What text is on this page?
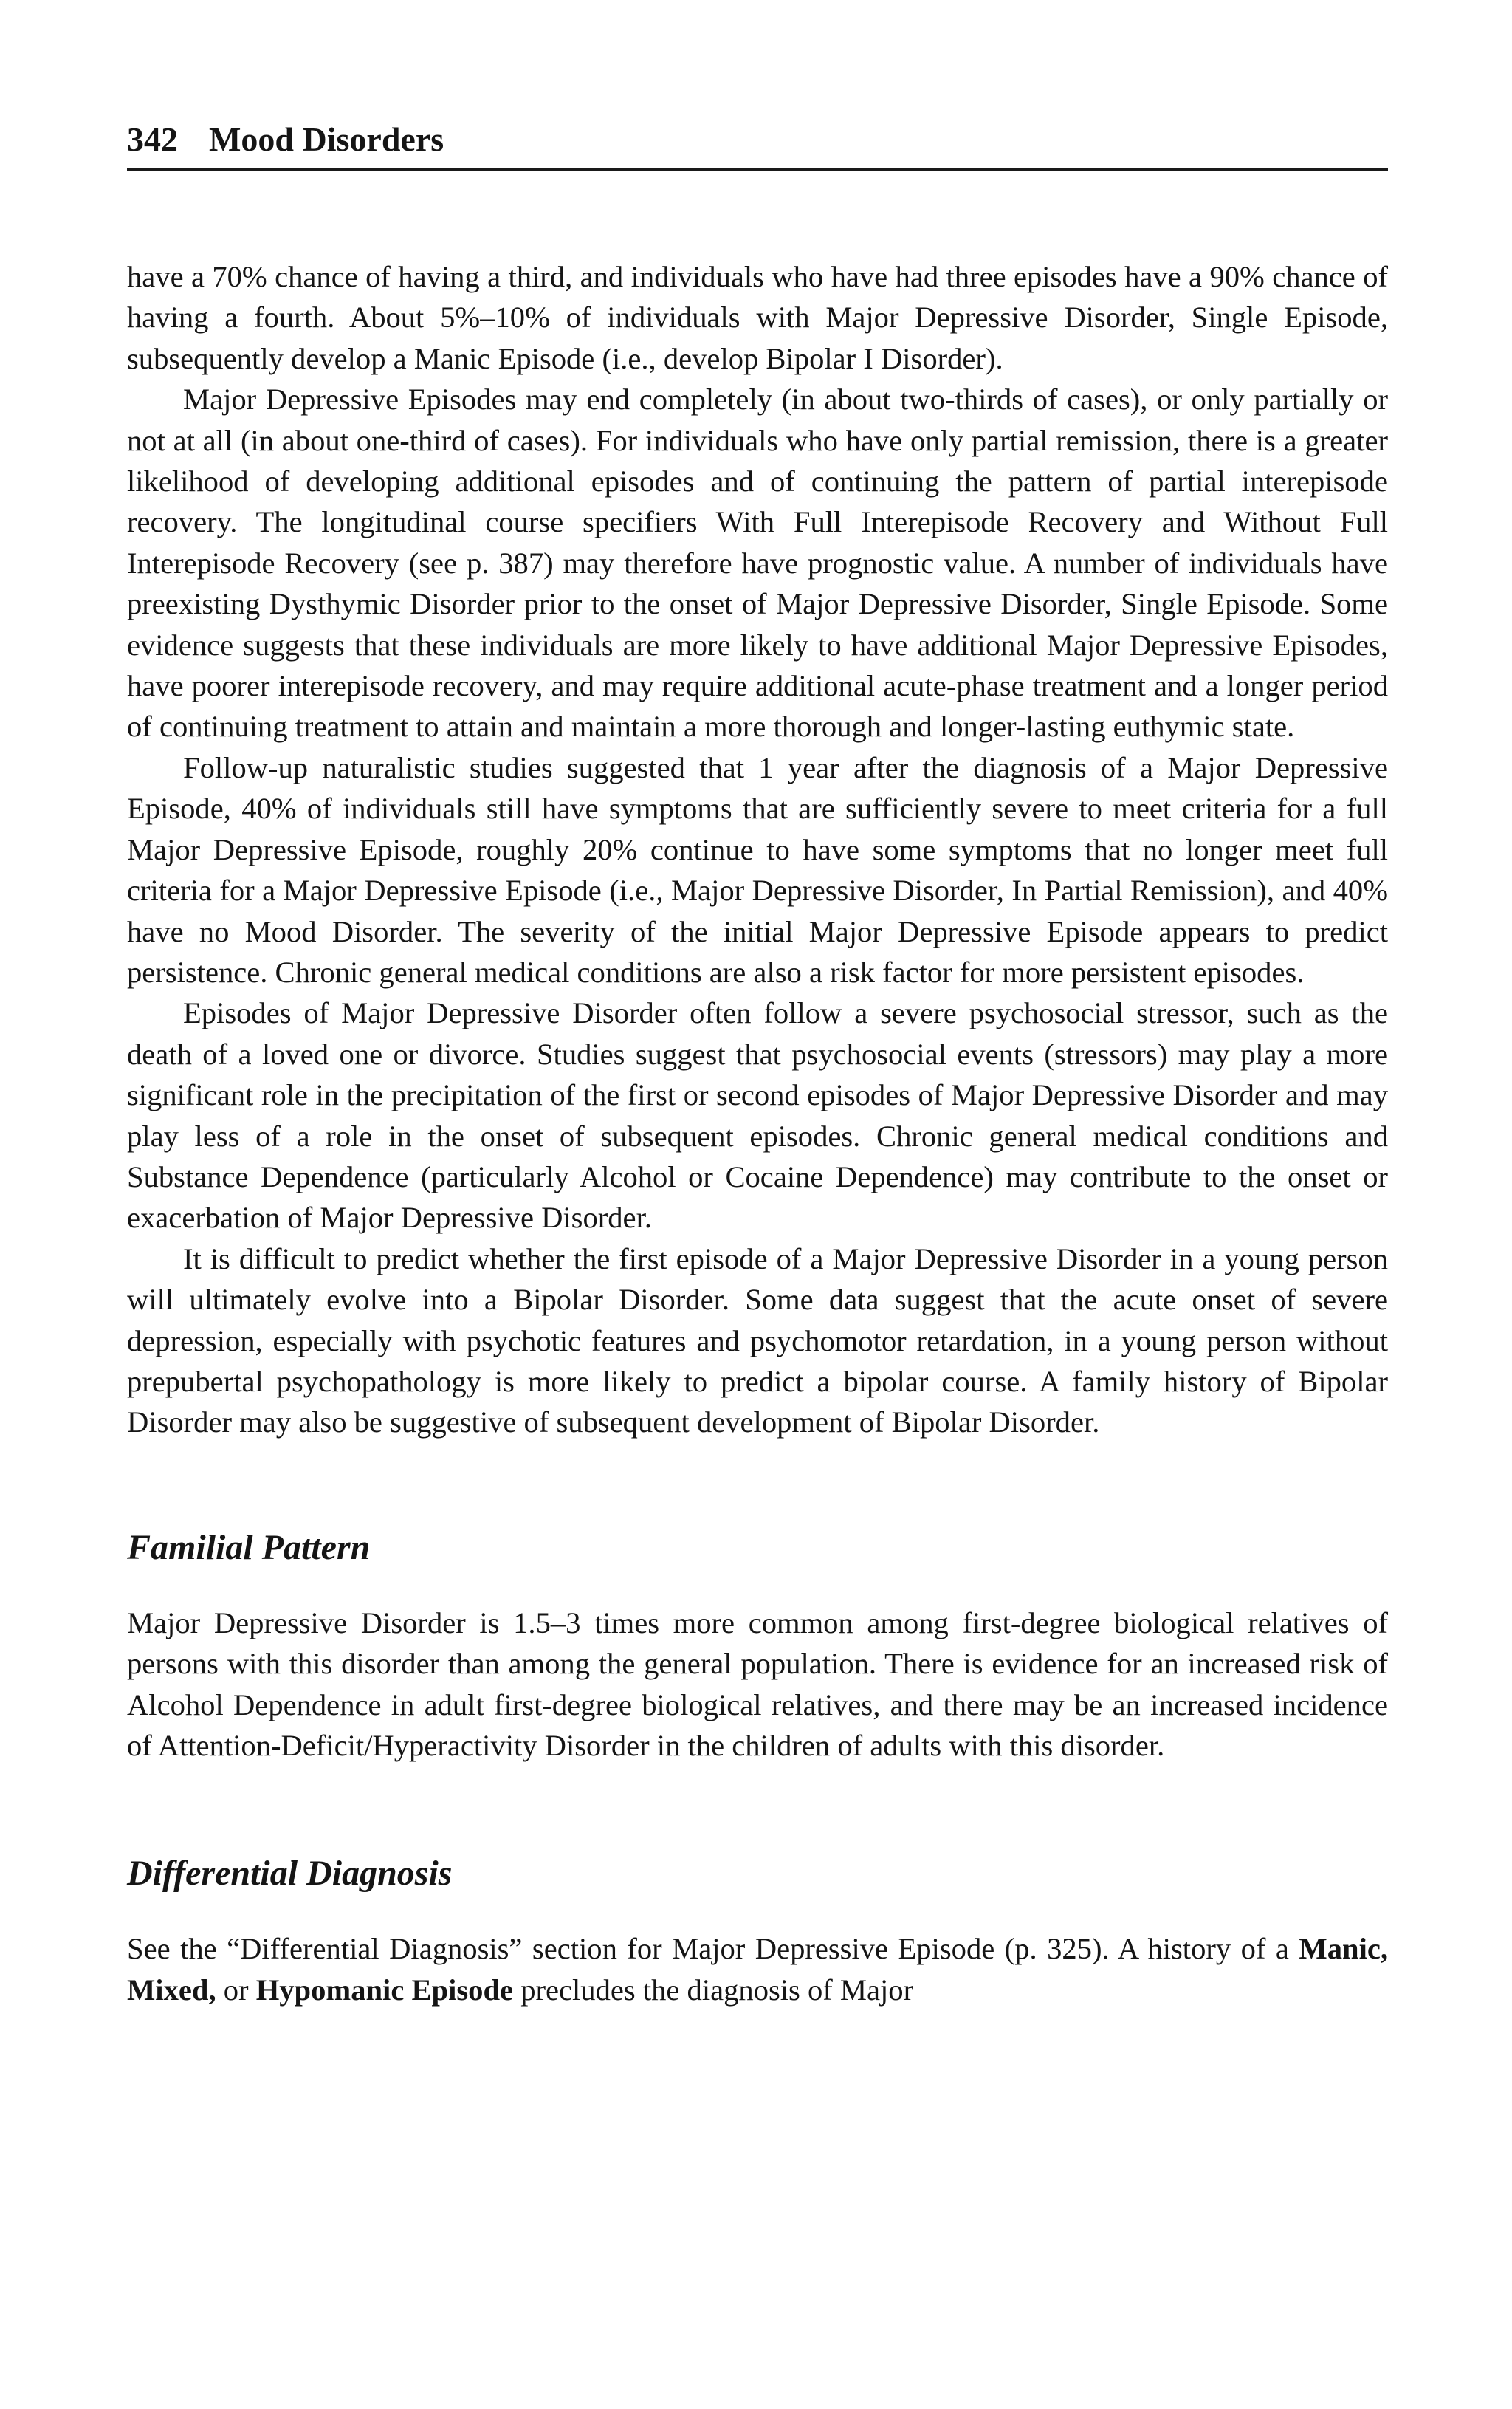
342 Mood Disorders

have a 70% chance of having a third, and individuals who have had three episodes have a 90% chance of having a fourth. About 5%–10% of individuals with Major Depressive Disorder, Single Episode, subsequently develop a Manic Episode (i.e., develop Bipolar I Disorder).

Major Depressive Episodes may end completely (in about two-thirds of cases), or only partially or not at all (in about one-third of cases). For individuals who have only partial remission, there is a greater likelihood of developing additional episodes and of continuing the pattern of partial interepisode recovery. The longitudinal course specifiers With Full Interepisode Recovery and Without Full Interepisode Recovery (see p. 387) may therefore have prognostic value. A number of individuals have preexisting Dysthymic Disorder prior to the onset of Major Depressive Disorder, Single Episode. Some evidence suggests that these individuals are more likely to have additional Major Depressive Episodes, have poorer interepisode recovery, and may require additional acute-phase treatment and a longer period of continuing treatment to attain and maintain a more thorough and longer-lasting euthymic state.

Follow-up naturalistic studies suggested that 1 year after the diagnosis of a Major Depressive Episode, 40% of individuals still have symptoms that are sufficiently severe to meet criteria for a full Major Depressive Episode, roughly 20% continue to have some symptoms that no longer meet full criteria for a Major Depressive Episode (i.e., Major Depressive Disorder, In Partial Remission), and 40% have no Mood Disorder. The severity of the initial Major Depressive Episode appears to predict persistence. Chronic general medical conditions are also a risk factor for more persistent episodes.

Episodes of Major Depressive Disorder often follow a severe psychosocial stressor, such as the death of a loved one or divorce. Studies suggest that psychosocial events (stressors) may play a more significant role in the precipitation of the first or second episodes of Major Depressive Disorder and may play less of a role in the onset of subsequent episodes. Chronic general medical conditions and Substance Dependence (particularly Alcohol or Cocaine Dependence) may contribute to the onset or exacerbation of Major Depressive Disorder.

It is difficult to predict whether the first episode of a Major Depressive Disorder in a young person will ultimately evolve into a Bipolar Disorder. Some data suggest that the acute onset of severe depression, especially with psychotic features and psychomotor retardation, in a young person without prepubertal psychopathology is more likely to predict a bipolar course. A family history of Bipolar Disorder may also be suggestive of subsequent development of Bipolar Disorder.

Familial Pattern

Major Depressive Disorder is 1.5–3 times more common among first-degree biological relatives of persons with this disorder than among the general population. There is evidence for an increased risk of Alcohol Dependence in adult first-degree biological relatives, and there may be an increased incidence of Attention-Deficit/Hyperactivity Disorder in the children of adults with this disorder.

Differential Diagnosis

See the “Differential Diagnosis” section for Major Depressive Episode (p. 325). A history of a Manic, Mixed, or Hypomanic Episode precludes the diagnosis of Major
